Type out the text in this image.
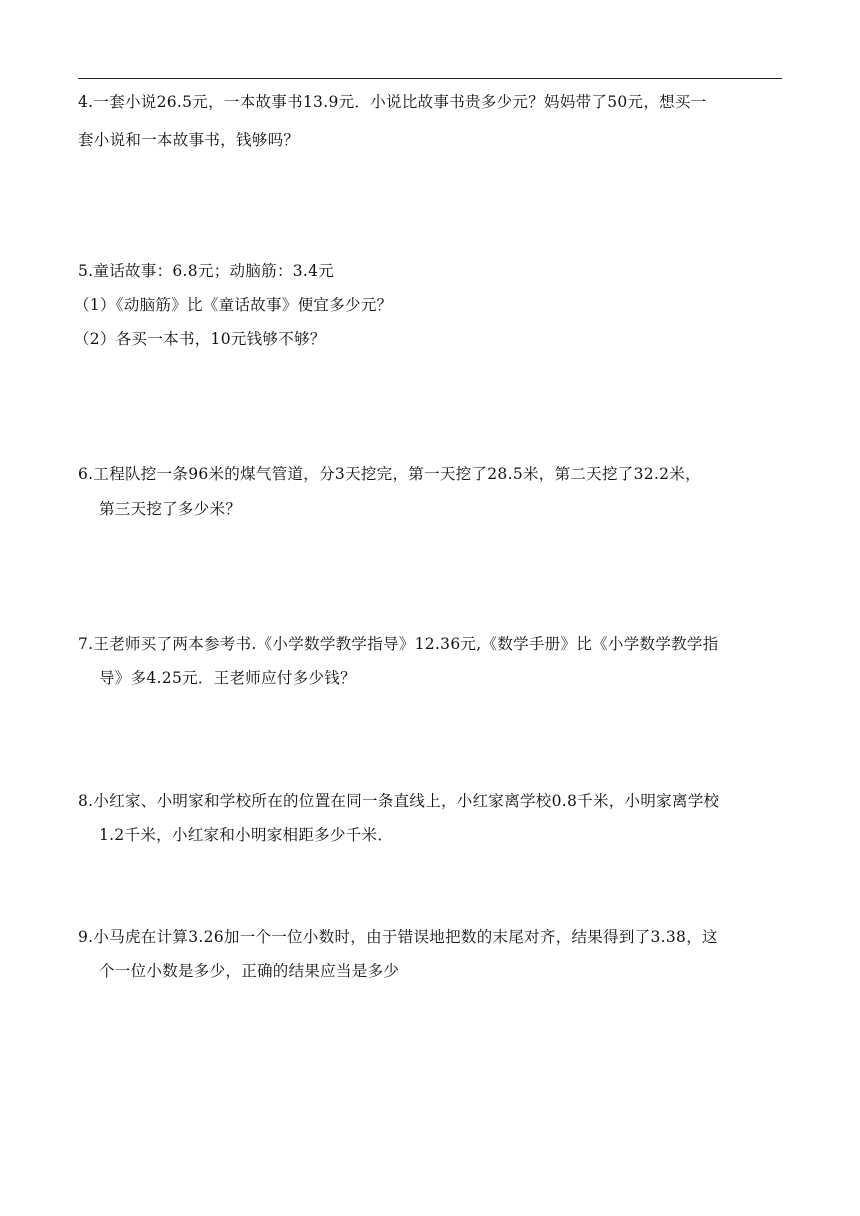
4.一套小说26.5元，一本故事书13.9元．小说比故事书贵多少元？妈妈带了50元，想买一
套小说和一本故事书，钱够吗？
5.童话故事：6.8元；动脑筋：3.4元
（1）《动脑筋》比《童话故事》便宜多少元？
（2）各买一本书，10元钱够不够？
6.工程队挖一条96米的煤气管道，分3天挖完，第一天挖了28.5米，第二天挖了32.2米，
第三天挖了多少米？
7.王老师买了两本参考书.《小学数学教学指导》12.36元,《数学手册》比《小学数学教学指
导》多4.25元．王老师应付多少钱？
8.小红家、小明家和学校所在的位置在同一条直线上，小红家离学校0.8千米，小明家离学校
1.2千米，小红家和小明家相距多少千米．
9.小马虎在计算3.26加一个一位小数时，由于错误地把数的末尾对齐，结果得到了3.38，这
个一位小数是多少，正确的结果应当是多少
